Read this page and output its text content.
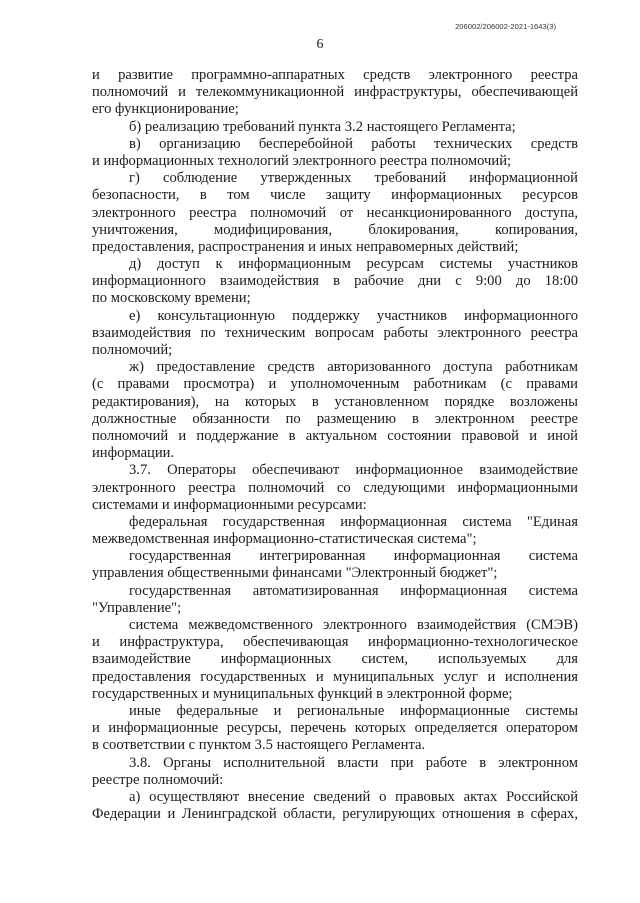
206002/206002-2021-1643(3)
6
и развитие программно-аппаратных средств электронного реестра
полномочий и телекоммуникационной инфраструктуры, обеспечивающей
его функционирование;
б) реализацию требований пункта 3.2 настоящего Регламента;
в) организацию бесперебойной работы технических средств
и информационных технологий электронного реестра полномочий;
г) соблюдение утвержденных требований информационной
безопасности, в том числе защиту информационных ресурсов
электронного реестра полномочий от несанкционированного доступа,
уничтожения, модифицирования, блокирования, копирования,
предоставления, распространения и иных неправомерных действий;
д) доступ к информационным ресурсам системы участников
информационного взаимодействия в рабочие дни с 9:00 до 18:00
по московскому времени;
е) консультационную поддержку участников информационного
взаимодействия по техническим вопросам работы электронного реестра
полномочий;
ж) предоставление средств авторизованного доступа работникам
(с правами просмотра) и уполномоченным работникам (с правами
редактирования), на которых в установленном порядке возложены
должностные обязанности по размещению в электронном реестре
полномочий и поддержание в актуальном состоянии правовой и иной
информации.
3.7. Операторы обеспечивают информационное взаимодействие
электронного реестра полномочий со следующими информационными
системами и информационными ресурсами:
федеральная государственная информационная система "Единая
межведомственная информационно-статистическая система";
государственная интегрированная информационная система
управления общественными финансами "Электронный бюджет";
государственная автоматизированная информационная система
"Управление";
система межведомственного электронного взаимодействия (СМЭВ)
и инфраструктура, обеспечивающая информационно-технологическое
взаимодействие информационных систем, используемых для
предоставления государственных и муниципальных услуг и исполнения
государственных и муниципальных функций в электронной форме;
иные федеральные и региональные информационные системы
и информационные ресурсы, перечень которых определяется оператором
в соответствии с пунктом 3.5 настоящего Регламента.
3.8. Органы исполнительной власти при работе в электронном
реестре полномочий:
а) осуществляют внесение сведений о правовых актах Российской
Федерации и Ленинградской области, регулирующих отношения в сферах,
